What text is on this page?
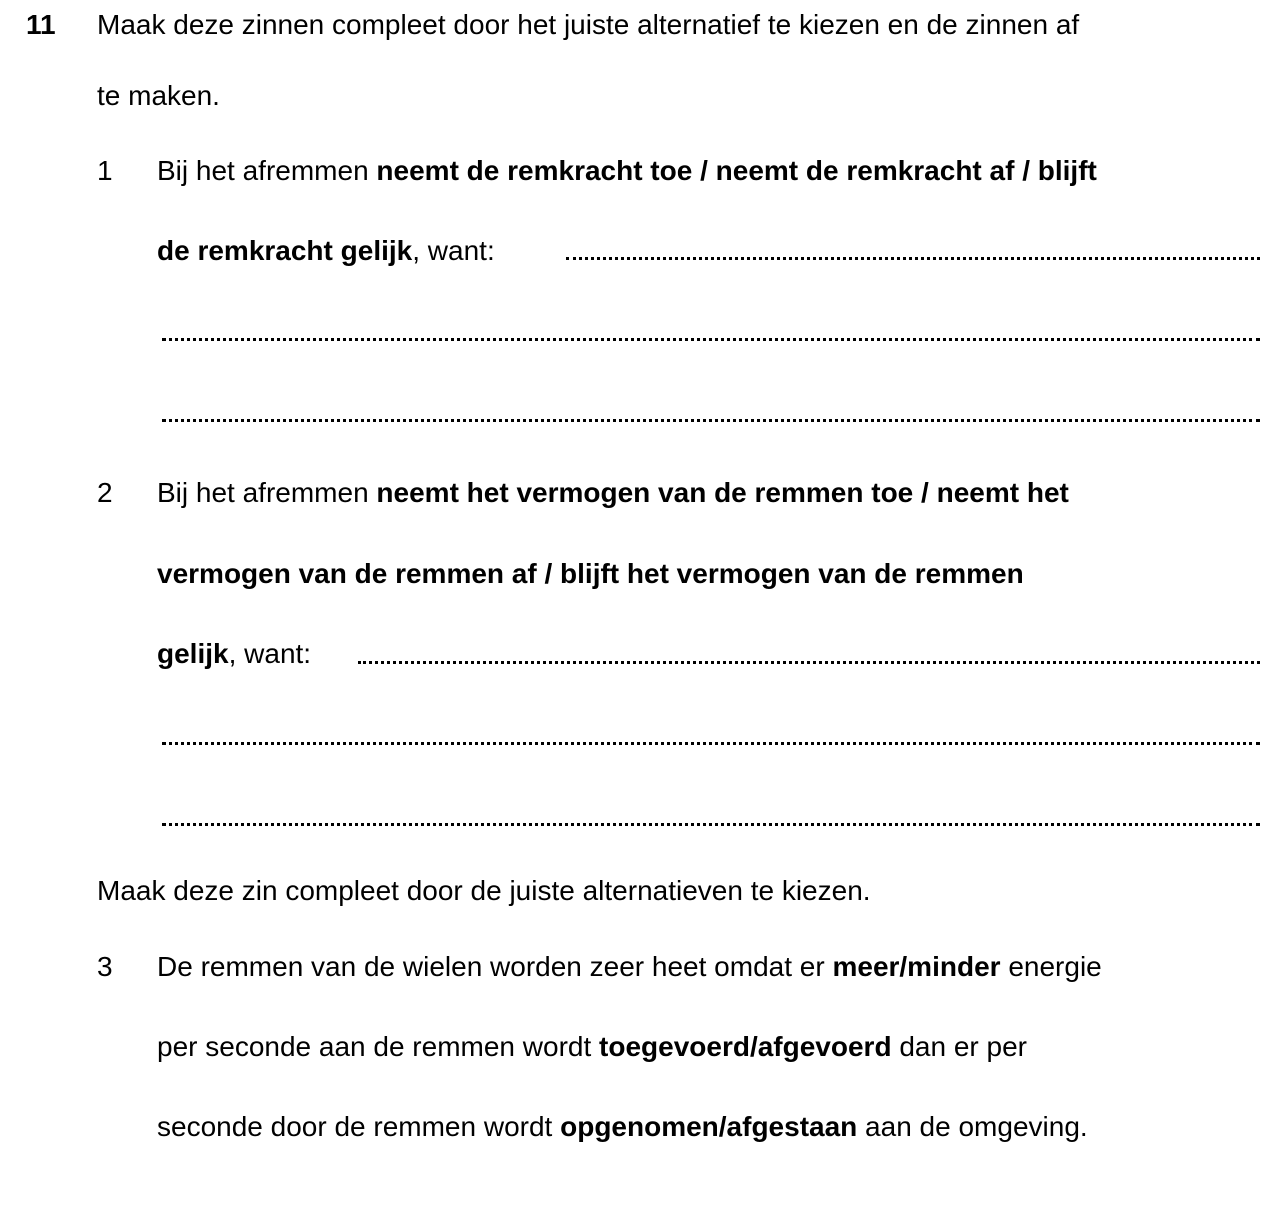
11 Maak deze zinnen compleet door het juiste alternatief te kiezen en de zinnen af
te maken.
1 Bij het afremmen neemt de remkracht toe / neemt de remkracht af / blijft
de remkracht gelijk, want:
2 Bij het afremmen neemt het vermogen van de remmen toe / neemt het
vermogen van de remmen af / blijft het vermogen van de remmen
gelijk, want:
Maak deze zin compleet door de juiste alternatieven te kiezen.
3 De remmen van de wielen worden zeer heet omdat er meer/minder energie
per seconde aan de remmen wordt toegevoerd/afgevoerd dan er per
seconde door de remmen wordt opgenomen/afgestaan aan de omgeving.
